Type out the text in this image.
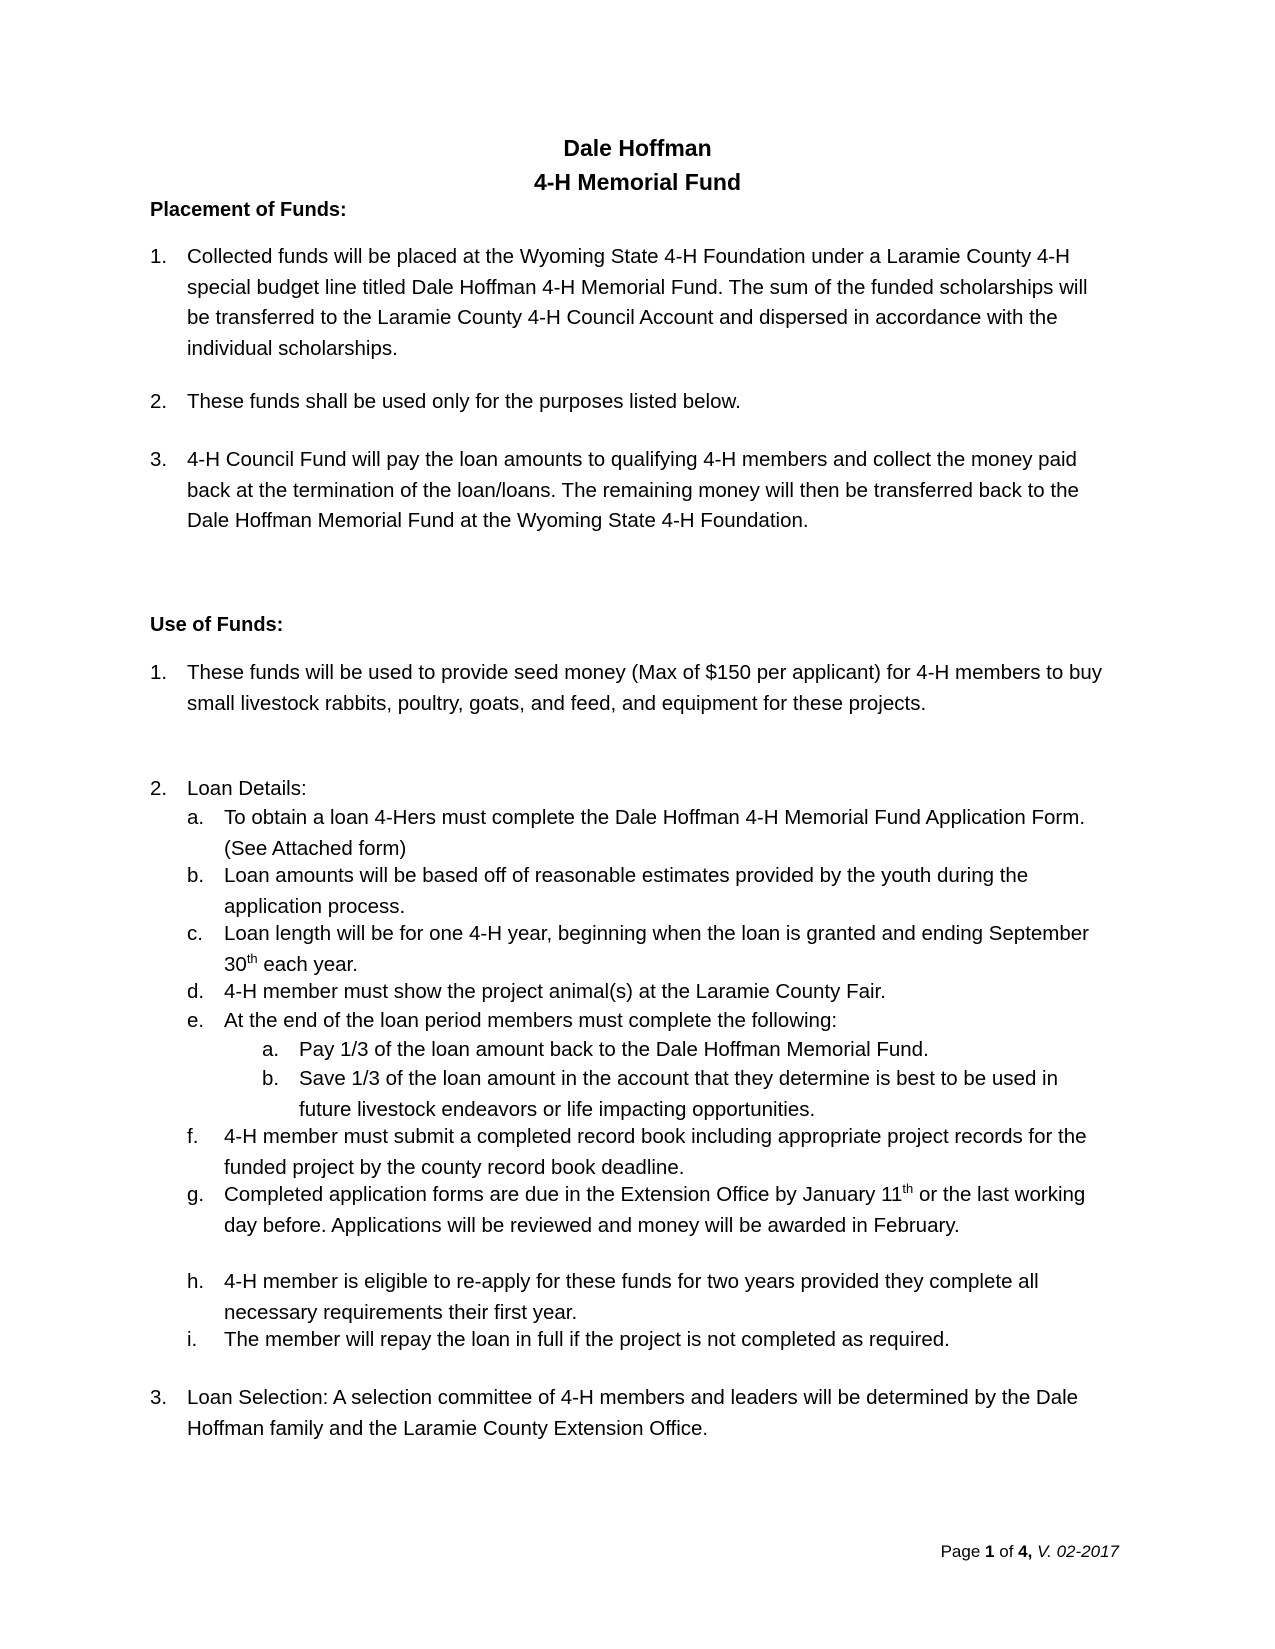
Dale Hoffman
4-H Memorial Fund
Placement of Funds:
1. Collected funds will be placed at the Wyoming State 4-H Foundation under a Laramie County 4-H special budget line titled Dale Hoffman 4-H Memorial Fund. The sum of the funded scholarships will be transferred to the Laramie County 4-H Council Account and dispersed in accordance with the individual scholarships.
2. These funds shall be used only for the purposes listed below.
3. 4-H Council Fund will pay the loan amounts to qualifying 4-H members and collect the money paid back at the termination of the loan/loans. The remaining money will then be transferred back to the Dale Hoffman Memorial Fund at the Wyoming State 4-H Foundation.
Use of Funds:
1. These funds will be used to provide seed money (Max of $150 per applicant) for 4-H members to buy small livestock rabbits, poultry, goats, and feed, and equipment for these projects.
2. Loan Details:
a. To obtain a loan 4-Hers must complete the Dale Hoffman 4-H Memorial Fund Application Form. (See Attached form)
b. Loan amounts will be based off of reasonable estimates provided by the youth during the application process.
c.	Loan length will be for one 4-H year, beginning when the loan is granted and ending September 30th each year.
d. 4-H member must show the project animal(s) at the Laramie County Fair.
e. At the end of the loan period members must complete the following:
a. Pay 1/3 of the loan amount back to the Dale Hoffman Memorial Fund.
b. Save 1/3 of the loan amount in the account that they determine is best to be used in future livestock endeavors or life impacting opportunities.
f.	4-H member must submit a completed record book including appropriate project records for the funded project by the county record book deadline.
g. Completed application forms are due in the Extension Office by January 11th or the last working day before. Applications will be reviewed and money will be awarded in February.
h. 4-H member is eligible to re-apply for these funds for two years provided they complete all necessary requirements their first year.
i.	The member will repay the loan in full if the project is not completed as required.
3. Loan Selection: A selection committee of 4-H members and leaders will be determined by the Dale Hoffman family and the Laramie County Extension Office.
Page 1 of 4, V. 02-2017
